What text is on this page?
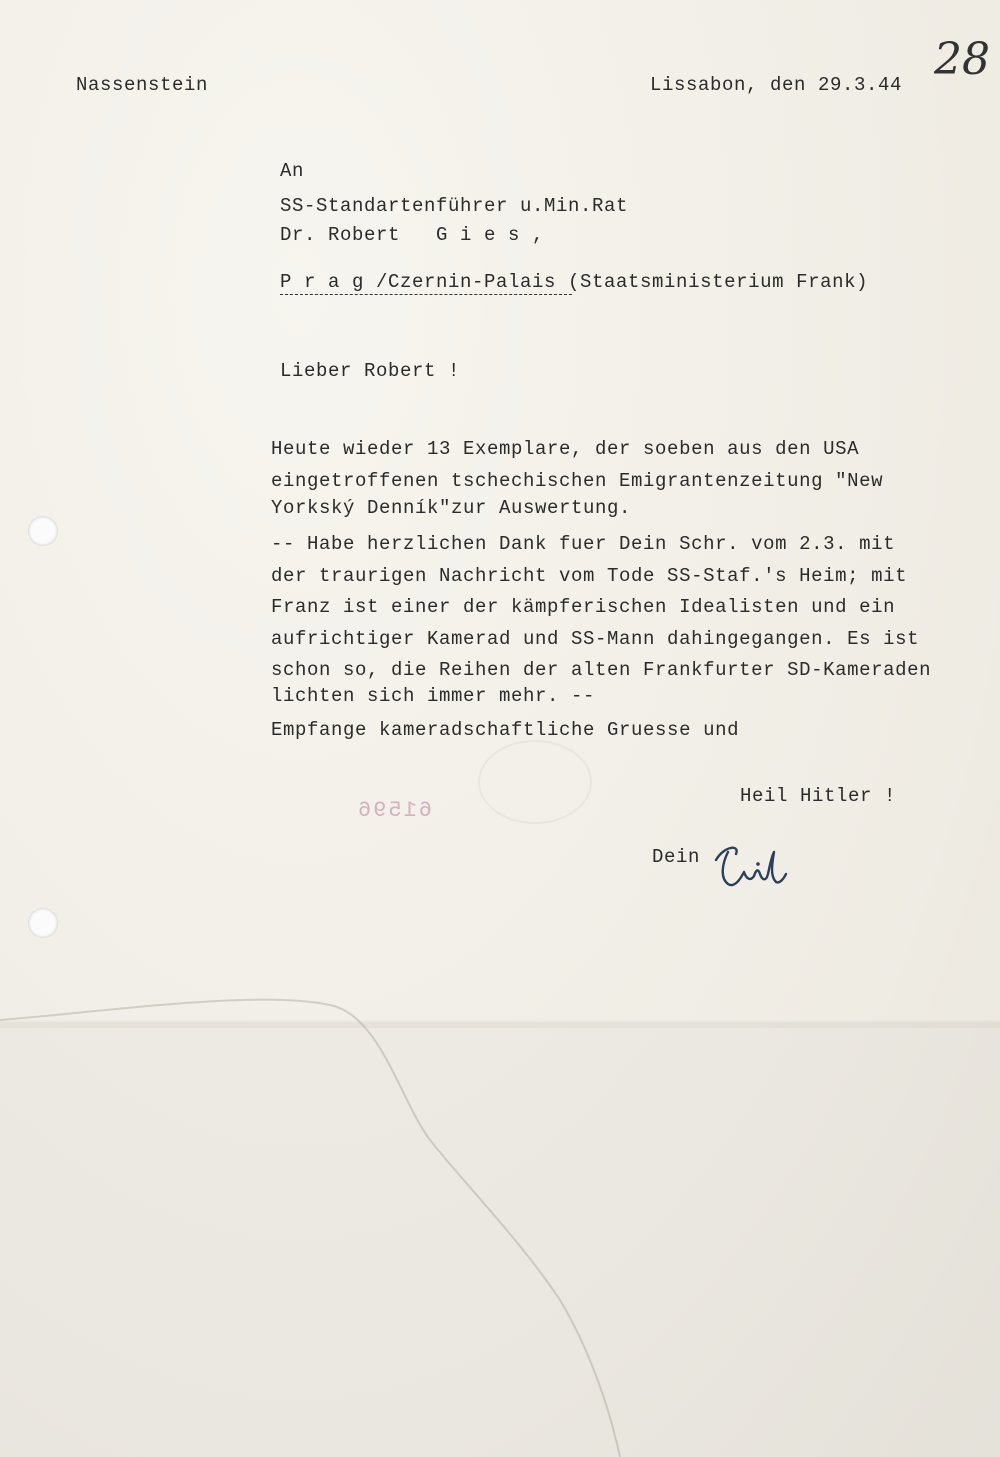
Nassenstein	Lissabon, den 29.3.44 28
An
SS-Standartenführer u.Min.Rat
Dr. Robert   G i e s ,
P r a g /Czernin-Palais (Staatsministerium Frank)
Lieber Robert !
Heute wieder 13 Exemplare, der soeben aus den USA
eingetroffenen tschechischen Emigrantenzeitung "New
Yorkský Denník"zur Auswertung.
-- Habe herzlichen Dank fuer Dein Schr. vom 2.3. mit
der traurigen Nachricht vom Tode SS-Staf.'s Heim; mit
Franz ist einer der kämpferischen Idealisten und ein
aufrichtiger Kamerad und SS-Mann dahingegangen. Es ist
schon so, die Reihen der alten Frankfurter SD-Kameraden
lichten sich immer mehr. --
Empfange kameradschaftliche Gruesse und
61596
Heil Hitler !
Dein
